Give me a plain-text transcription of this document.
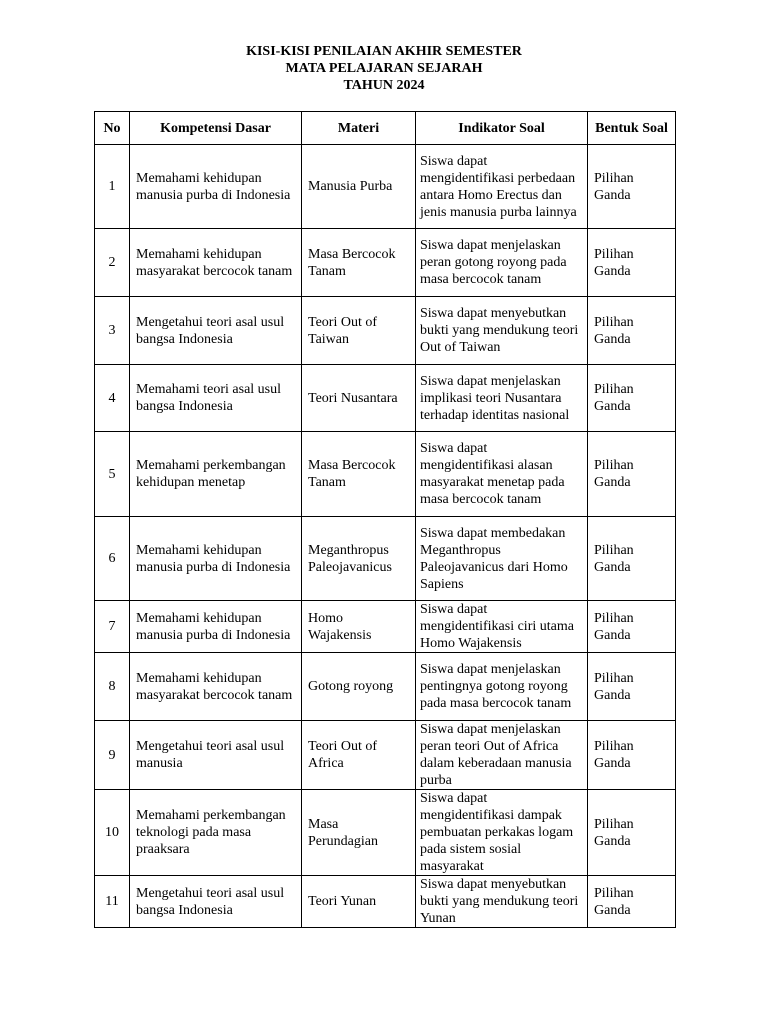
KISI-KISI PENILAIAN AKHIR SEMESTER
MATA PELAJARAN SEJARAH
TAHUN 2024
No	Kompetensi Dasar	Materi	Indikator Soal	Bentuk Soal
1	Memahami kehidupan manusia purba di Indonesia	Manusia Purba	Siswa dapat mengidentifikasi perbedaan antara Homo Erectus dan jenis manusia purba lainnya	Pilihan Ganda
2	Memahami kehidupan masyarakat bercocok tanam	Masa Bercocok Tanam	Siswa dapat menjelaskan peran gotong royong pada masa bercocok tanam	Pilihan Ganda
3	Mengetahui teori asal usul bangsa Indonesia	Teori Out of Taiwan	Siswa dapat menyebutkan bukti yang mendukung teori Out of Taiwan	Pilihan Ganda
4	Memahami teori asal usul bangsa Indonesia	Teori Nusantara	Siswa dapat menjelaskan implikasi teori Nusantara terhadap identitas nasional	Pilihan Ganda
5	Memahami perkembangan kehidupan menetap	Masa Bercocok Tanam	Siswa dapat mengidentifikasi alasan masyarakat menetap pada masa bercocok tanam	Pilihan Ganda
6	Memahami kehidupan manusia purba di Indonesia	Meganthropus Paleojavanicus	Siswa dapat membedakan Meganthropus Paleojavanicus dari Homo Sapiens	Pilihan Ganda
7	Memahami kehidupan manusia purba di Indonesia	Homo Wajakensis	Siswa dapat mengidentifikasi ciri utama Homo Wajakensis	Pilihan Ganda
8	Memahami kehidupan masyarakat bercocok tanam	Gotong royong	Siswa dapat menjelaskan pentingnya gotong royong pada masa bercocok tanam	Pilihan Ganda
9	Mengetahui teori asal usul manusia	Teori Out of Africa	Siswa dapat menjelaskan peran teori Out of Africa dalam keberadaan manusia purba	Pilihan Ganda
10	Memahami perkembangan teknologi pada masa praaksara	Masa Perundagian	Siswa dapat mengidentifikasi dampak pembuatan perkakas logam pada sistem sosial masyarakat	Pilihan Ganda
11	Mengetahui teori asal usul bangsa Indonesia	Teori Yunan	Siswa dapat menyebutkan bukti yang mendukung teori Yunan	Pilihan Ganda
